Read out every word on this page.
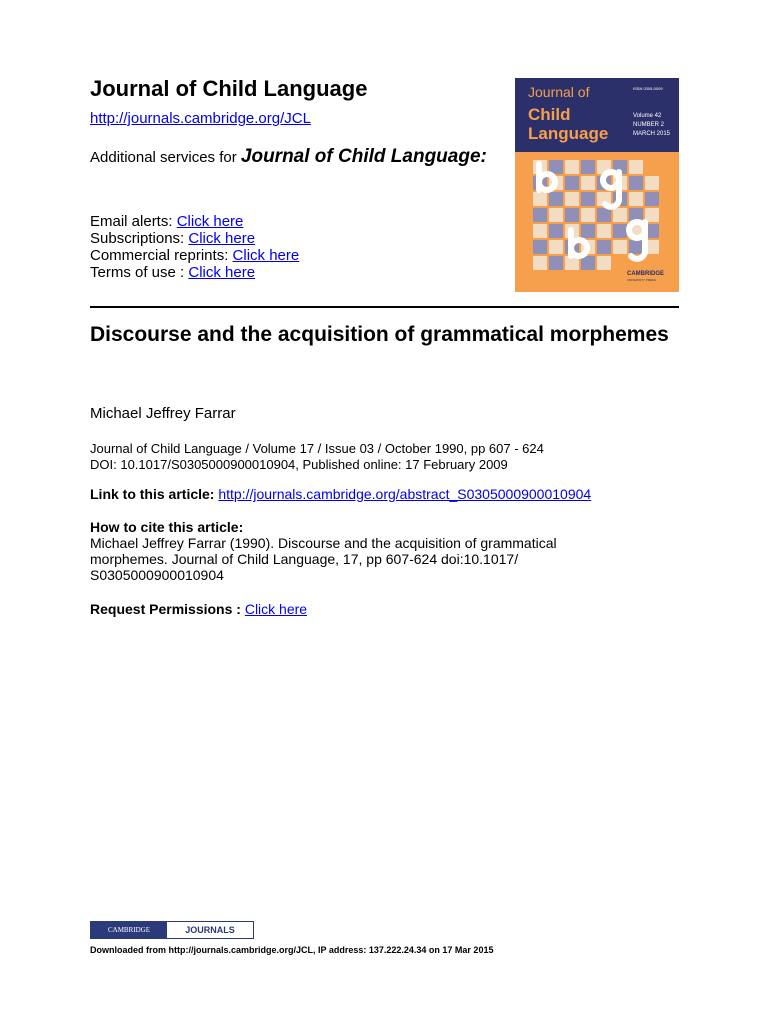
Journal of Child Language
http://journals.cambridge.org/JCL
Additional services for Journal of Child Language:
Email alerts: Click here
Subscriptions: Click here
Commercial reprints: Click here
Terms of use : Click here
Journal of
Child
Language
ISSN 0305-0009
Volume 42
NUMBER 2
MARCH 2015
CAMBRIDGE
UNIVERSITY PRESS
Discourse and the acquisition of grammatical morphemes
Michael Jeffrey Farrar
Journal of Child Language / Volume 17 / Issue 03 / October 1990, pp 607 - 624
DOI: 10.1017/S0305000900010904, Published online: 17 February 2009
Link to this article: http://journals.cambridge.org/abstract_S0305000900010904
How to cite this article:
Michael Jeffrey Farrar (1990). Discourse and the acquisition of grammatical
morphemes. Journal of Child Language, 17, pp 607-624 doi:10.1017/
S0305000900010904
Request Permissions : Click here
CAMBRIDGE	JOURNALS
Downloaded from http://journals.cambridge.org/JCL, IP address: 137.222.24.34 on 17 Mar 2015
